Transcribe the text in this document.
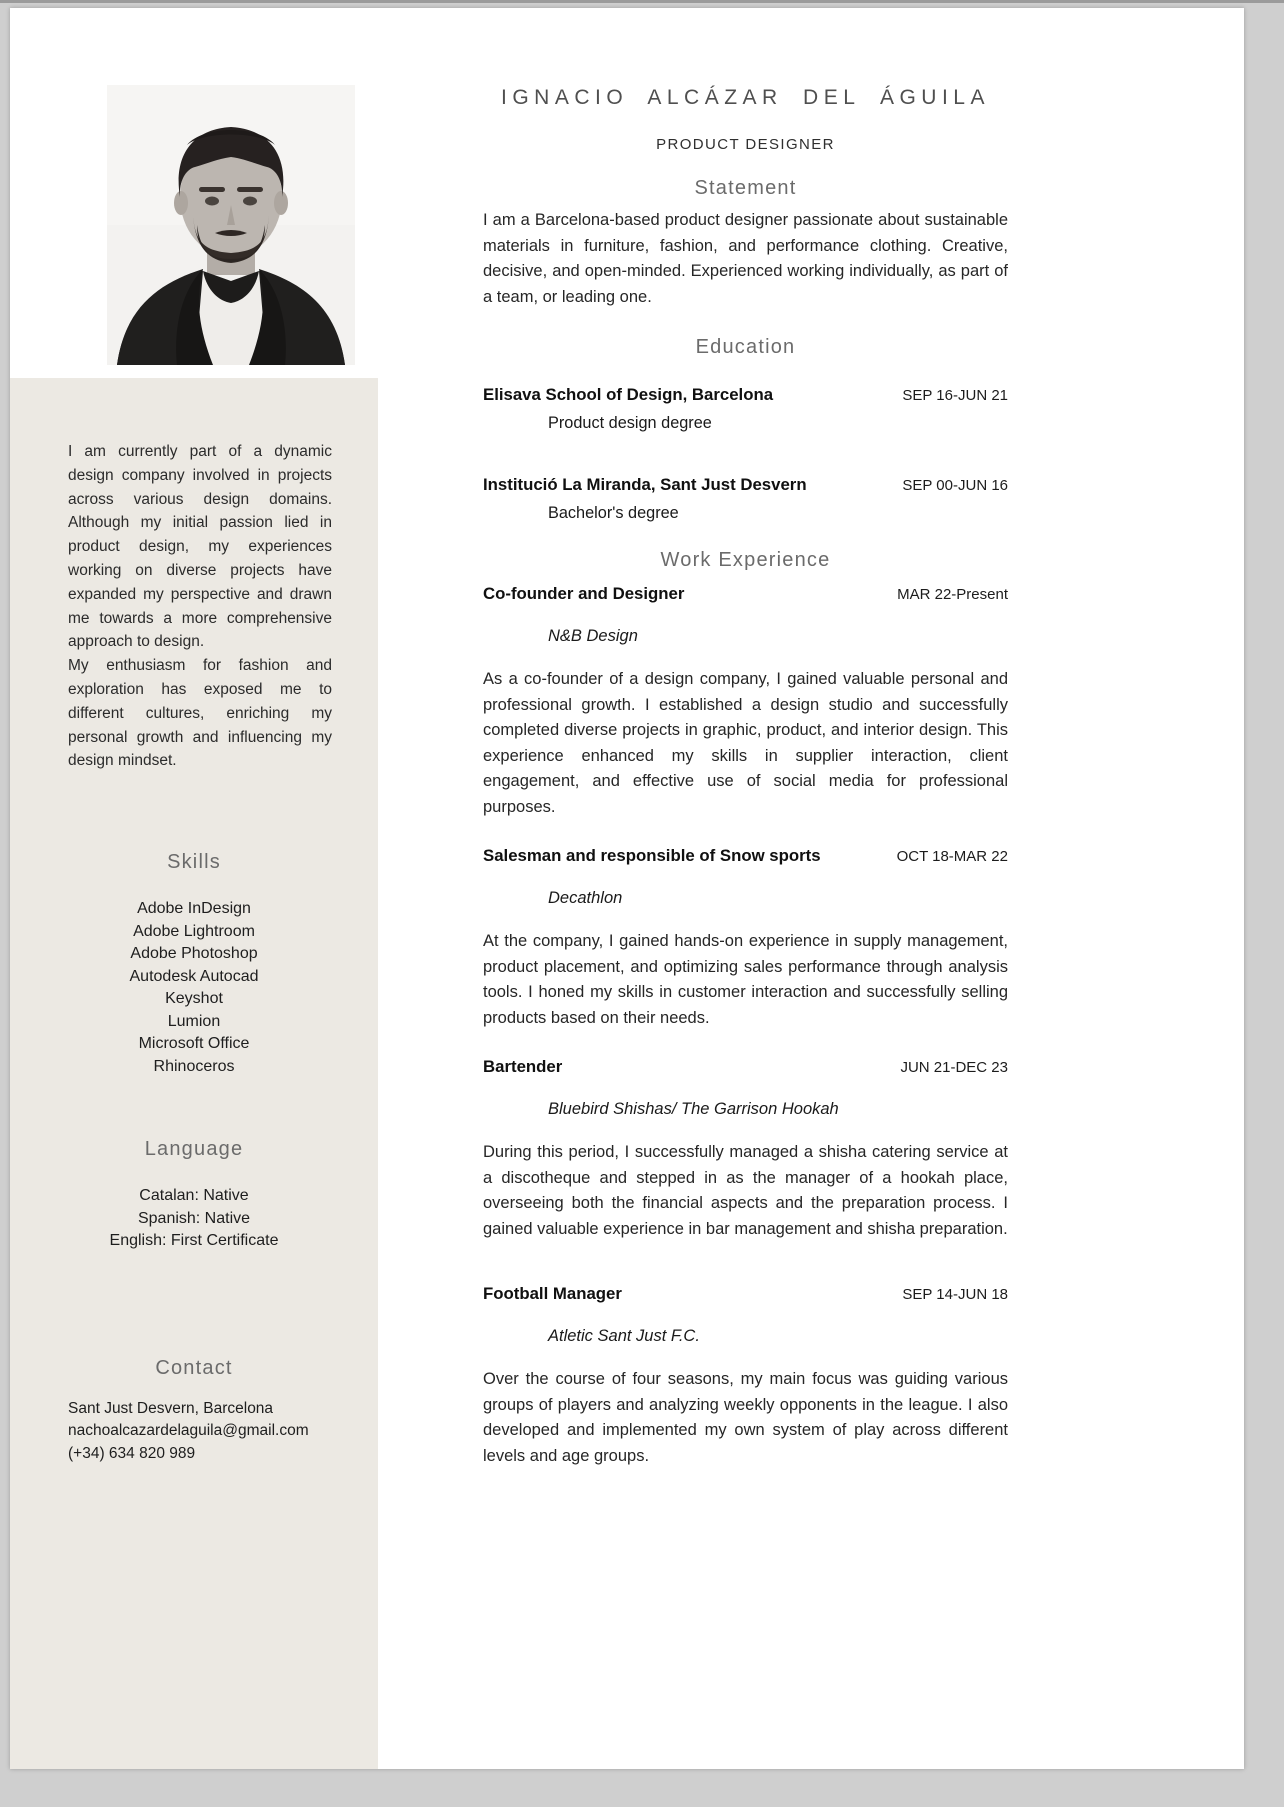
I am currently part of a dynamic design company involved in projects across various design domains. Although my initial passion lied in product design, my experiences working on diverse projects have expanded my perspective and drawn me towards a more comprehensive approach to design.
My enthusiasm for fashion and exploration has exposed me to different cultures, enriching my personal growth and influencing my design mindset.
Skills
Adobe InDesign
Adobe Lightroom
Adobe Photoshop
Autodesk Autocad
Keyshot
Lumion
Microsoft Office
Rhinoceros
Language
Catalan: Native
Spanish: Native
English: First Certificate
Contact
Sant Just Desvern, Barcelona
nachoalcazardelaguila@gmail.com
(+34) 634 820 989
IGNACIO ALCÁZAR DEL ÁGUILA
PRODUCT DESIGNER
Statement
I am a Barcelona-based product designer passionate about sustainable materials in furniture, fashion, and performance clothing. Creative, decisive, and open-minded. Experienced working individually, as part of a team, or leading one.
Education
Elisava School of Design, Barcelona	SEP 16-JUN 21
Product design degree
Institució La Miranda, Sant Just Desvern	SEP 00-JUN 16
Bachelor's degree
Work Experience
Co-founder and Designer	MAR 22-Present
N&B Design
As a co-founder of a design company, I gained valuable personal and professional growth. I established a design studio and successfully completed diverse projects in graphic, product, and interior design. This experience enhanced my skills in supplier interaction, client engagement, and effective use of social media for professional purposes.
Salesman and responsible of Snow sports	OCT 18-MAR 22
Decathlon
At the company, I gained hands-on experience in supply management, product placement, and optimizing sales performance through analysis tools. I honed my skills in customer interaction and successfully selling products based on their needs.
Bartender	JUN 21-DEC 23
Bluebird Shishas/ The Garrison Hookah
During this period, I successfully managed a shisha catering service at a discotheque and stepped in as the manager of a hookah place, overseeing both the financial aspects and the preparation process. I gained valuable experience in bar management and shisha preparation.
Football Manager	SEP 14-JUN 18
Atletic Sant Just F.C.
Over the course of four seasons, my main focus was guiding various groups of players and analyzing weekly opponents in the league. I also developed and implemented my own system of play across different levels and age groups.
